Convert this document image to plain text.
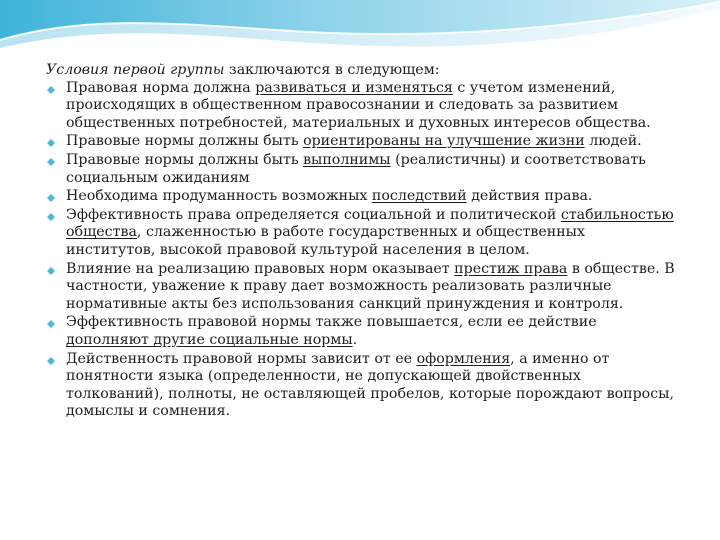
Условия первой группы заключаются в следующем:

Правовая норма должна развиваться и изменяться с учетом изменений, происходящих в общественном правосознании и следовать за развитием общественных потребностей, материальных и духовных интересов общества.
Правовые нормы должны быть ориентированы на улучшение жизни людей.
Правовые нормы должны быть выполнимы (реалистичны) и соответствовать социальным ожиданиям
Необходима продуманность возможных последствий действия права.
Эффективность права определяется социальной и политической стабильностью общества, слаженностью в работе государственных и общественных институтов, высокой правовой культурой населения в целом.
Влияние на реализацию правовых норм оказывает престиж права в обществе. В частности, уважение к праву дает возможность реализовать различные нормативные акты без использования санкций принуждения и контроля.
Эффективность правовой нормы также повышается, если ее действие дополняют другие социальные нормы.
Действенность правовой нормы зависит от ее оформления, а именно от понятности языка (определенности, не допускающей двойственных толкований), полноты, не оставляющей пробелов, которые порождают вопросы, домыслы и сомнения.
